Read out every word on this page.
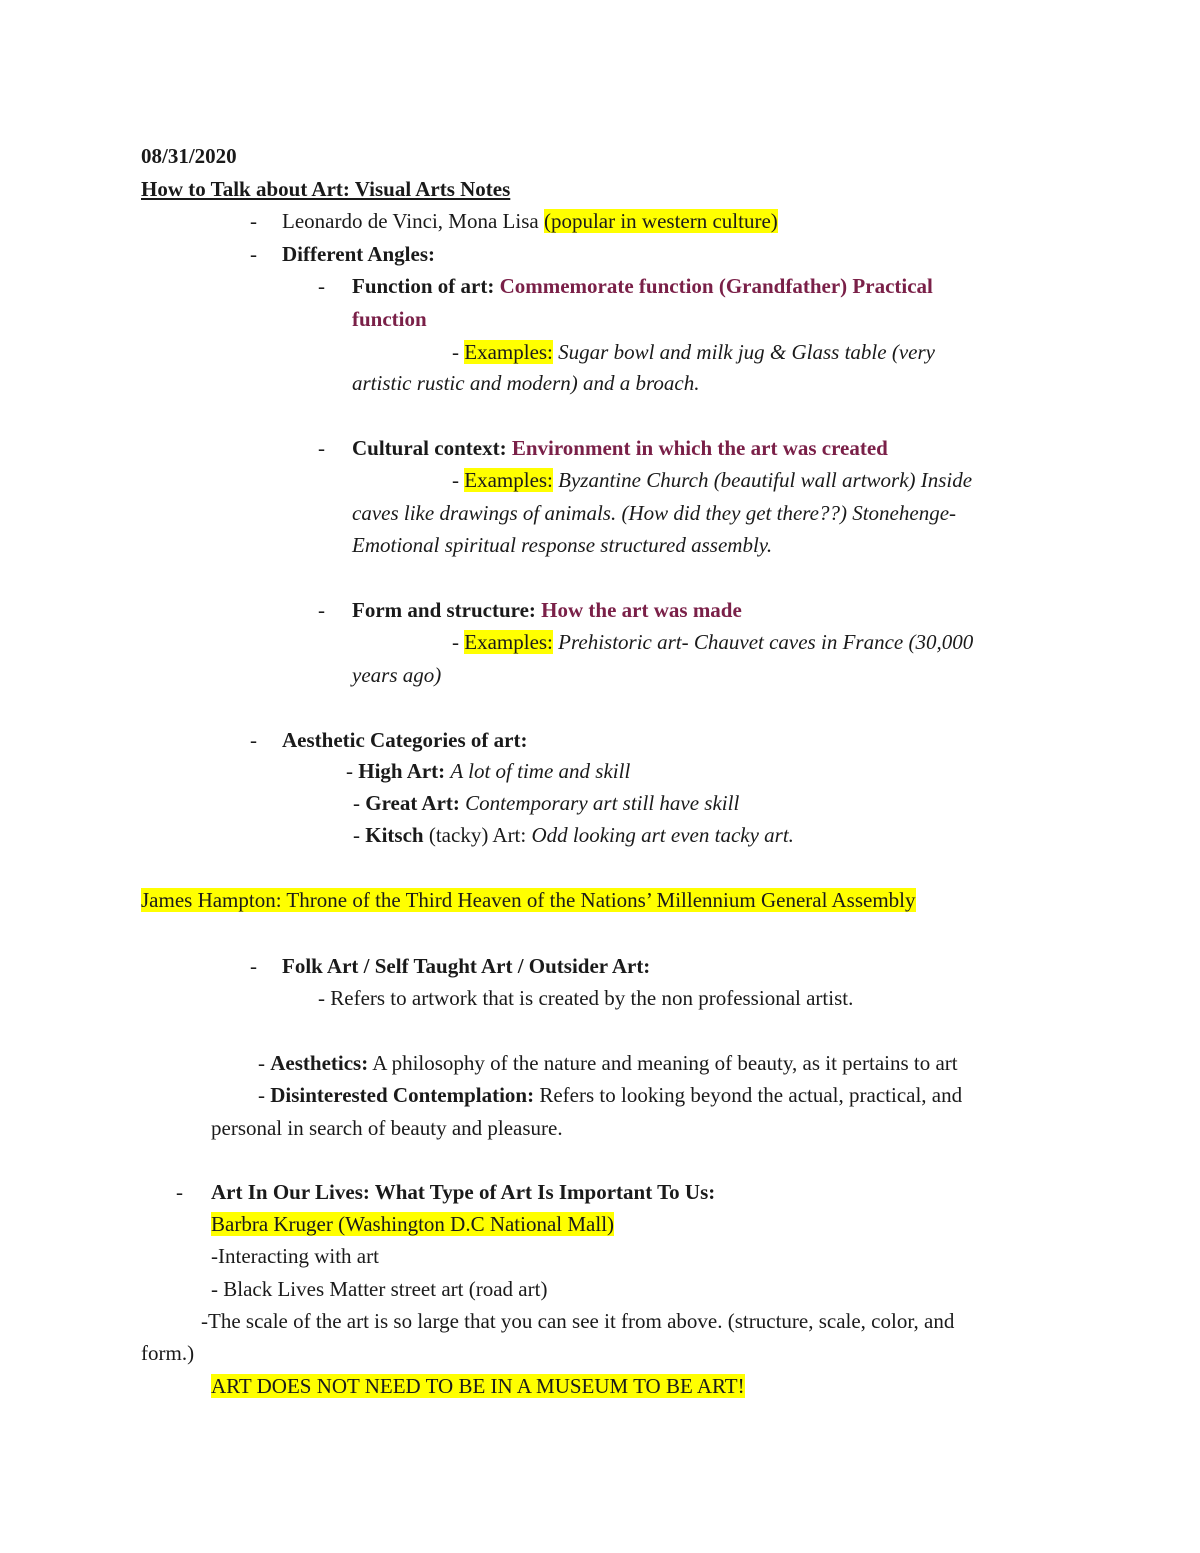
08/31/2020
How to Talk about Art: Visual Arts Notes
- Leonardo de Vinci, Mona Lisa (popular in western culture)
- Different Angles:
- Function of art: Commemorate function (Grandfather) Practical
function
- Examples: Sugar bowl and milk jug & Glass table (very
artistic rustic and modern) and a broach.
- Cultural context: Environment in which the art was created
- Examples: Byzantine Church (beautiful wall artwork) Inside
caves like drawings of animals. (How did they get there??) Stonehenge-
Emotional spiritual response structured assembly.
- Form and structure: How the art was made
- Examples: Prehistoric art- Chauvet caves in France (30,000
years ago)
- Aesthetic Categories of art:
- High Art: A lot of time and skill
- Great Art: Contemporary art still have skill
- Kitsch (tacky) Art: Odd looking art even tacky art.
James Hampton: Throne of the Third Heaven of the Nations’ Millennium General Assembly
- Folk Art / Self Taught Art / Outsider Art:
- Refers to artwork that is created by the non professional artist.
- Aesthetics: A philosophy of the nature and meaning of beauty, as it pertains to art
- Disinterested Contemplation: Refers to looking beyond the actual, practical, and
personal in search of beauty and pleasure.
- Art In Our Lives: What Type of Art Is Important To Us:
Barbra Kruger (Washington D.C National Mall)
-Interacting with art
- Black Lives Matter street art (road art)
-The scale of the art is so large that you can see it from above. (structure, scale, color, and
form.)
ART DOES NOT NEED TO BE IN A MUSEUM TO BE ART!
